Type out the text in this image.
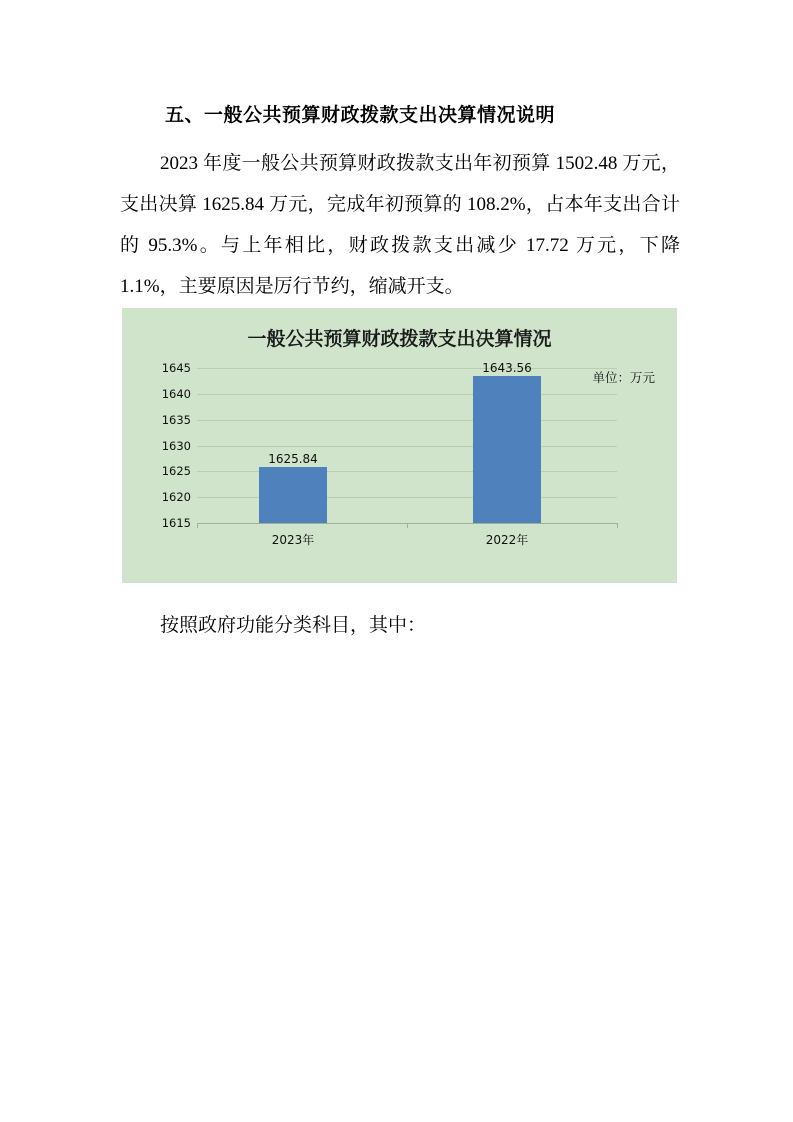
五、一般公共预算财政拨款支出决算情况说明
2023 年度一般公共预算财政拨款支出年初预算 1502.48 万元，支出决算 1625.84 万元，完成年初预算的 108.2%，占本年支出合计的 95.3%。与上年相比，财政拨款支出减少 17.72 万元，下降 1.1%，主要原因是厉行节约，缩减开支。
一般公共预算财政拨款支出决算情况
单位：万元
1645
1640
1635
1630
1625
1620
1615
1625.84
2023年
1643.56
2022年
按照政府功能分类科目，其中：
